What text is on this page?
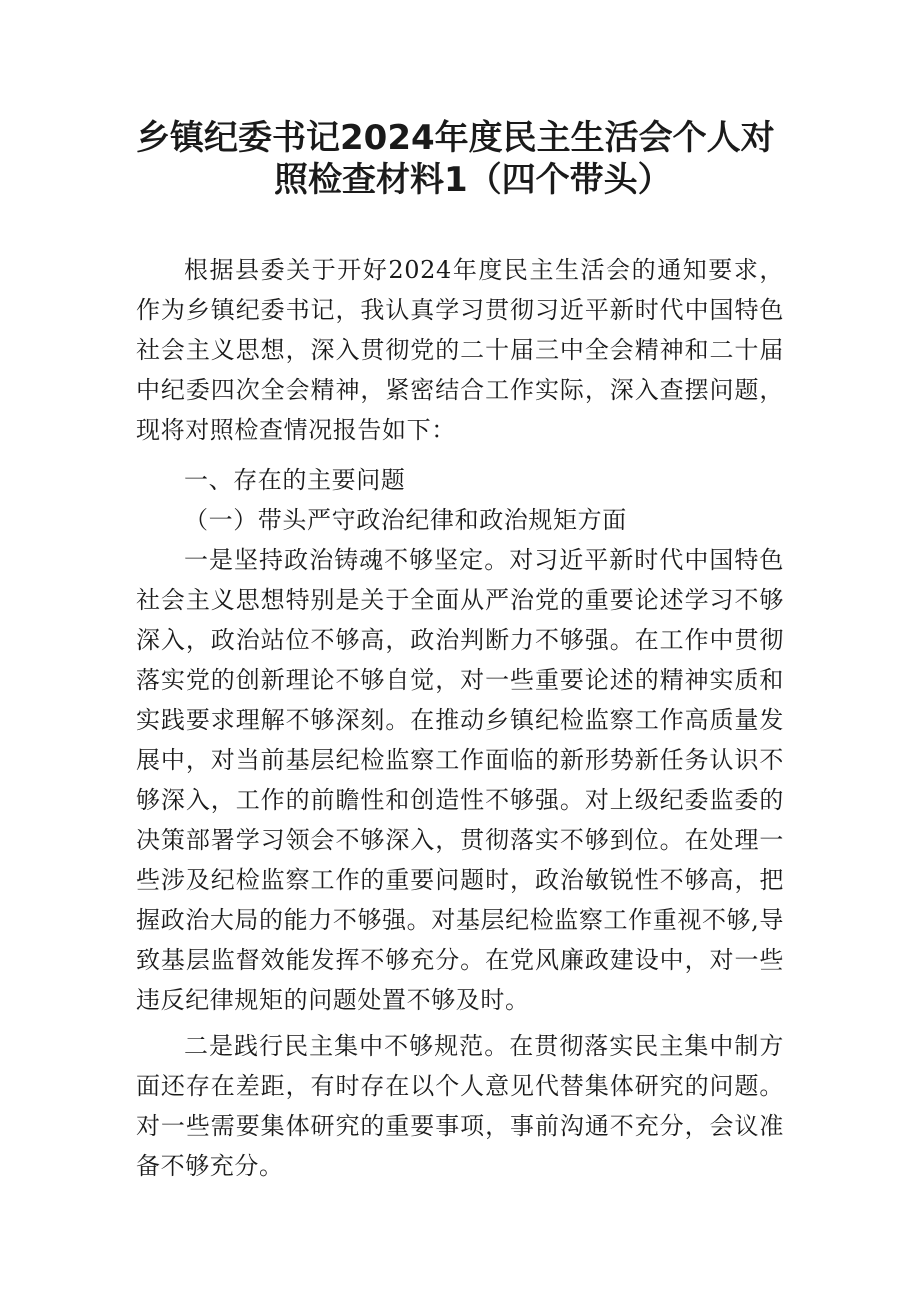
乡镇纪委书记2024年度民主生活会个人对
照检查材料1（四个带头）

根据县委关于开好2024年度民主生活会的通知要求，作为乡镇纪委书记，我认真学习贯彻习近平新时代中国特色社会主义思想，深入贯彻党的二十届三中全会精神和二十届中纪委四次全会精神，紧密结合工作实际，深入查摆问题，现将对照检查情况报告如下：

一、存在的主要问题

（一）带头严守政治纪律和政治规矩方面

一是坚持政治铸魂不够坚定。对习近平新时代中国特色社会主义思想特别是关于全面从严治党的重要论述学习不够深入，政治站位不够高，政治判断力不够强。在工作中贯彻落实党的创新理论不够自觉，对一些重要论述的精神实质和实践要求理解不够深刻。在推动乡镇纪检监察工作高质量发展中，对当前基层纪检监察工作面临的新形势新任务认识不够深入，工作的前瞻性和创造性不够强。对上级纪委监委的决策部署学习领会不够深入，贯彻落实不够到位。在处理一些涉及纪检监察工作的重要问题时，政治敏锐性不够高，把握政治大局的能力不够强。对基层纪检监察工作重视不够,导致基层监督效能发挥不够充分。在党风廉政建设中，对一些违反纪律规矩的问题处置不够及时。

二是践行民主集中不够规范。在贯彻落实民主集中制方面还存在差距，有时存在以个人意见代替集体研究的问题。对一些需要集体研究的重要事项，事前沟通不充分，会议准备不够充分。
